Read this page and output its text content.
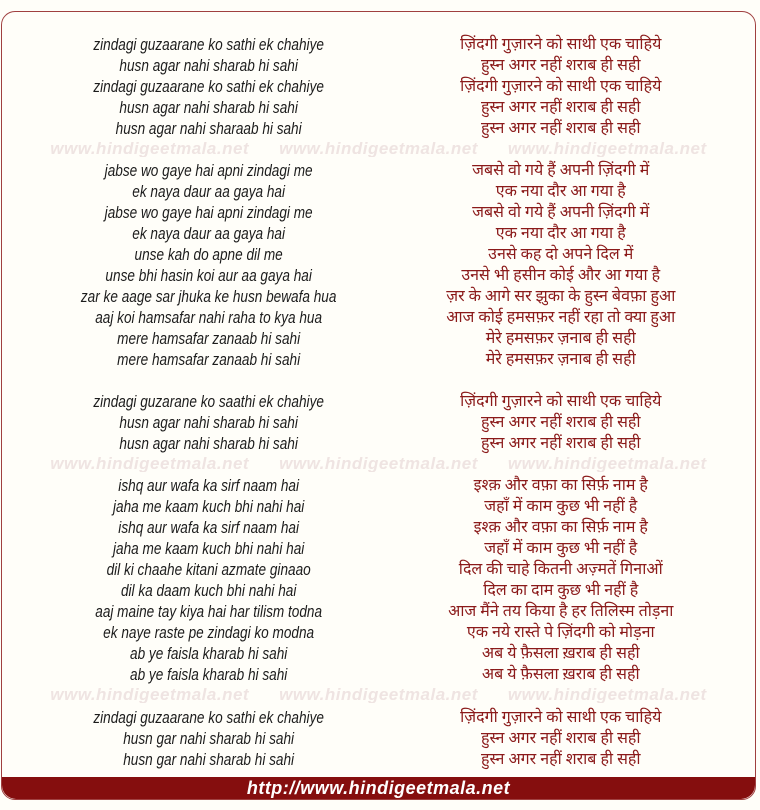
zindagi guzaarane ko sathi ek chahiye
husn agar nahi sharab hi sahi
zindagi guzaarane ko sathi ek chahiye
husn agar nahi sharab hi sahi
husn agar nahi sharaab hi sahi
ज़िंदगी गुज़ारने को साथी एक चाहिये
हुस्न अगर नहीं शराब ही सही
ज़िंदगी गुज़ारने को साथी एक चाहिये
हुस्न अगर नहीं शराब ही सही
हुस्न अगर नहीं शराब ही सही
www.hindigeetmala.net www.hindigeetmala.net www.hindigeetmala.net
jabse wo gaye hai apni zindagi me
ek naya daur aa gaya hai
jabse wo gaye hai apni zindagi me
ek naya daur aa gaya hai
unse kah do apne dil me
unse bhi hasin koi aur aa gaya hai
zar ke aage sar jhuka ke husn bewafa hua
aaj koi hamsafar nahi raha to kya hua
mere hamsafar zanaab hi sahi
mere hamsafar zanaab hi sahi
जबसे वो गये हैं अपनी ज़िंदगी में
एक नया दौर आ गया है
जबसे वो गये हैं अपनी ज़िंदगी में
एक नया दौर आ गया है
उनसे कह दो अपने दिल में
उनसे भी हसीन कोई और आ गया है
ज़र के आगे सर झुका के हुस्न बेवफ़ा हुआ
आज कोई हमसफ़र नहीं रहा तो क्या हुआ
मेरे हमसफ़र ज़नाब ही सही
मेरे हमसफ़र ज़नाब ही सही
zindagi guzarane ko saathi ek chahiye
husn agar nahi sharab hi sahi
husn agar nahi sharab hi sahi
ज़िंदगी गुज़ारने को साथी एक चाहिये
हुस्न अगर नहीं शराब ही सही
हुस्न अगर नहीं शराब ही सही
www.hindigeetmala.net www.hindigeetmala.net www.hindigeetmala.net
ishq aur wafa ka sirf naam hai
jaha me kaam kuch bhi nahi hai
ishq aur wafa ka sirf naam hai
jaha me kaam kuch bhi nahi hai
dil ki chaahe kitani azmate ginaao
dil ka daam kuch bhi nahi hai
aaj maine tay kiya hai har tilism todna
ek naye raste pe zindagi ko modna
ab ye faisla kharab hi sahi
ab ye faisla kharab hi sahi
इश्क़ और वफ़ा का सिर्फ़ नाम है
जहाँ में काम कुछ भी नहीं है
इश्क़ और वफ़ा का सिर्फ़ नाम है
जहाँ में काम कुछ भी नहीं है
दिल की चाहे कितनी अज़्मतें गिनाओं
दिल का दाम कुछ भी नहीं है
आज मैंने तय किया है हर तिलिस्म तोड़ना
एक नये रास्ते पे ज़िंदगी को मोड़ना
अब ये फ़ैसला ख़राब ही सही
अब ये फ़ैसला ख़राब ही सही
www.hindigeetmala.net www.hindigeetmala.net www.hindigeetmala.net
zindagi guzaarane ko sathi ek chahiye
husn gar nahi sharab hi sahi
husn gar nahi sharab hi sahi
ज़िंदगी गुज़ारने को साथी एक चाहिये
हुस्न अगर नहीं शराब ही सही
हुस्न अगर नहीं शराब ही सही
http://www.hindigeetmala.net
